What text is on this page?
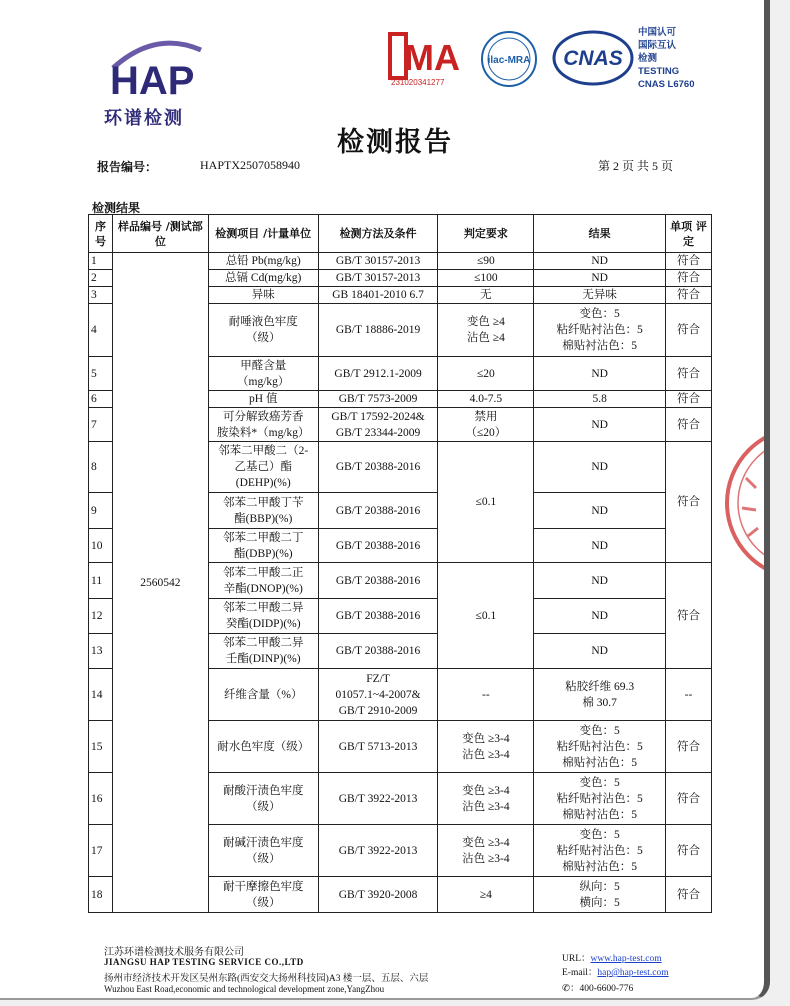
HAP
环谱检测
MA
231020341277
ilac-MRA CNAS
中国认可
国际互认
检测
TESTING
CNAS L6760
检测报告
报告编号：	HAPTX2507058940	第 2 页 共 5 页
检测结果
序 号	样品编号 /测试部位	检测项目 /计量单位	检测方法及条件	判定要求	结果	单项 评定
1	2560542	总铅 Pb(mg/kg)	GB/T 30157-2013	≤90	ND	符合
2		总镉 Cd(mg/kg)	GB/T 30157-2013	≤100	ND	符合
3		异味	GB 18401-2010 6.7	无	无异味	符合
4		耐唾液色牢度
（级）	GB/T 18886-2019	变色 ≥4
沾色 ≥4	变色：5
粘纤贴衬沾色：5
棉贴衬沾色：5	符合
5		甲醛含量
（mg/kg）	GB/T 2912.1-2009	≤20	ND	符合
6		pH 值	GB/T 7573-2009	4.0-7.5	5.8	符合
7		可分解致癌芳香
胺染料*（mg/kg）	GB/T 17592-2024&
GB/T 23344-2009	禁用
（≤20）	ND	符合
8		邻苯二甲酸二（2-
乙基己）酯
(DEHP)(%)	GB/T 20388-2016	≤0.1	ND	符合
9		邻苯二甲酸丁苄
酯(BBP)(%)	GB/T 20388-2016		ND	
10		邻苯二甲酸二丁
酯(DBP)(%)	GB/T 20388-2016		ND	
11		邻苯二甲酸二正
辛酯(DNOP)(%)	GB/T 20388-2016	≤0.1	ND	符合
12		邻苯二甲酸二异
癸酯(DIDP)(%)	GB/T 20388-2016		ND	
13		邻苯二甲酸二异
壬酯(DINP)(%)	GB/T 20388-2016		ND	
14		纤维含量（%）	FZ/T
01057.1~4-2007&
GB/T 2910-2009	--	粘胶纤维 69.3
棉 30.7	--
15		耐水色牢度（级）	GB/T 5713-2013	变色 ≥3-4
沾色 ≥3-4	变色：5
粘纤贴衬沾色：5
棉贴衬沾色：5	符合
16		耐酸汗渍色牢度
（级）	GB/T 3922-2013	变色 ≥3-4
沾色 ≥3-4	变色：5
粘纤贴衬沾色：5
棉贴衬沾色：5	符合
17		耐碱汗渍色牢度
（级）	GB/T 3922-2013	变色 ≥3-4
沾色 ≥3-4	变色：5
粘纤贴衬沾色：5
棉贴衬沾色：5	符合
18		耐干摩擦色牢度
（级）	GB/T 3920-2008	≥4	纵向：5
横向：5	符合
江苏环谱检测技术服务有限公司
JIANGSU HAP TESTING SERVICE CO.,LTD
扬州市经济技术开发区吴州东路(西安交大扬州科技园)A3 楼一层、五层、六层
Wuzhou East Road,economic and technological development zone,YangZhou
URL：www.hap-test.com
E-mail：hap@hap-test.com
✆：400-6600-776
